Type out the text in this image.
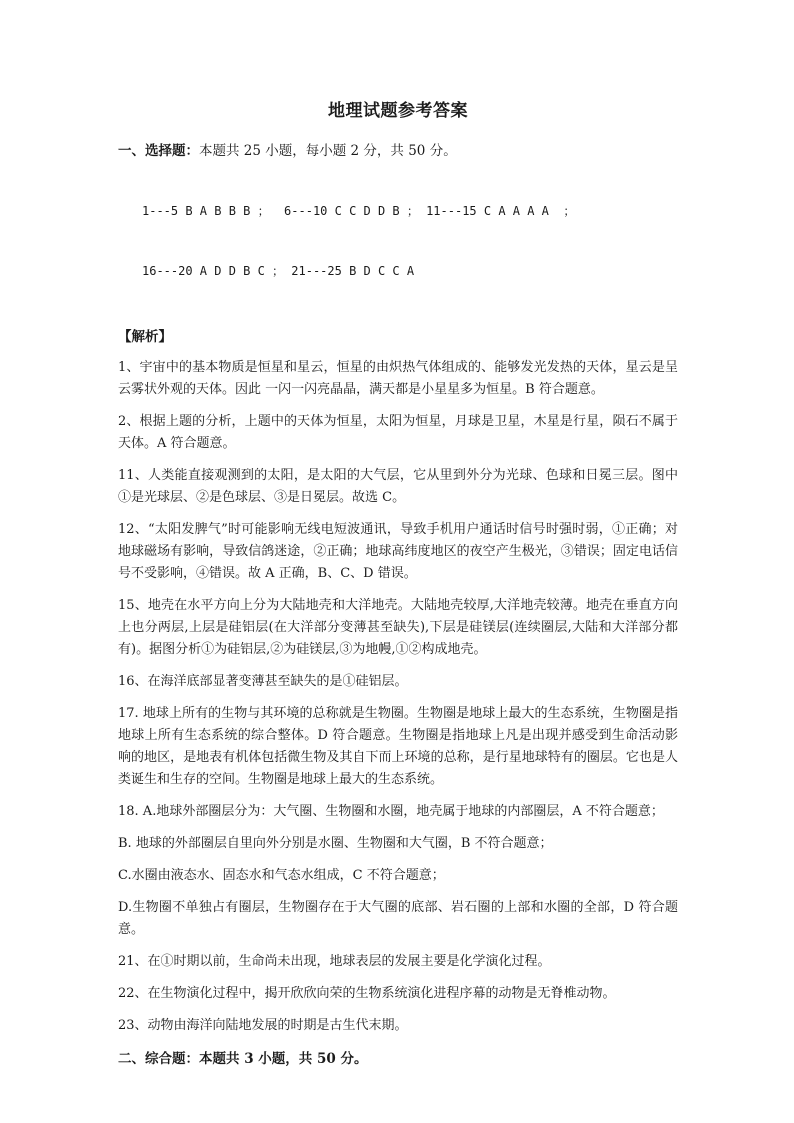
地理试题参考答案
一、选择题：本题共 25 小题，每小题 2 分，共 50 分。

1---5 B A B B B ；  6---10 C C D D B ； 11---15 C A A A A  ；

16---20 A D D B C ； 21---25 B D C C A

【解析】

1、宇宙中的基本物质是恒星和星云，恒星的由炽热气体组成的、能够发光发热的天体，星云是呈云雾状外观的天体。因此 一闪一闪亮晶晶，满天都是小星星多为恒星。B 符合题意。

2、根据上题的分析，上题中的天体为恒星，太阳为恒星，月球是卫星，木星是行星，陨石不属于天体。A 符合题意。

11、人类能直接观测到的太阳，是太阳的大气层，它从里到外分为光球、色球和日冕三层。图中①是光球层、②是色球层、③是日冕层。故选 C。

12、“太阳发脾气”时可能影响无线电短波通讯，导致手机用户通话时信号时强时弱，①正确；对地球磁场有影响，导致信鸽迷途，②正确；地球高纬度地区的夜空产生极光，③错误；固定电话信号不受影响，④错误。故 A 正确，B、C、D 错误。

15、地壳在水平方向上分为大陆地壳和大洋地壳。大陆地壳较厚,大洋地壳较薄。地壳在垂直方向上也分两层,上层是硅铝层(在大洋部分变薄甚至缺失),下层是硅镁层(连续圈层,大陆和大洋部分都有)。据图分析①为硅铝层,②为硅镁层,③为地幔,①②构成地壳。

16、在海洋底部显著变薄甚至缺失的是①硅铝层。

17. 地球上所有的生物与其环境的总称就是生物圈。生物圈是地球上最大的生态系统，生物圈是指地球上所有生态系统的综合整体。D 符合题意。生物圈是指地球上凡是出现并感受到生命活动影响的地区，是地表有机体包括微生物及其自下而上环境的总称，是行星地球特有的圈层。它也是人类诞生和生存的空间。生物圈是地球上最大的生态系统。

18. A.地球外部圈层分为：大气圈、生物圈和水圈，地壳属于地球的内部圈层，A 不符合题意；

B. 地球的外部圈层自里向外分别是水圈、生物圈和大气圈，B 不符合题意；

C.水圈由液态水、固态水和气态水组成，C 不符合题意；

D.生物圈不单独占有圈层，生物圈存在于大气圈的底部、岩石圈的上部和水圈的全部，D 符合题意。

21、在①时期以前，生命尚未出现，地球表层的发展主要是化学演化过程。

22、在生物演化过程中，揭开欣欣向荣的生物系统演化进程序幕的动物是无脊椎动物。

23、动物由海洋向陆地发展的时期是古生代末期。

二、综合题：本题共 3 小题，共 50 分。
